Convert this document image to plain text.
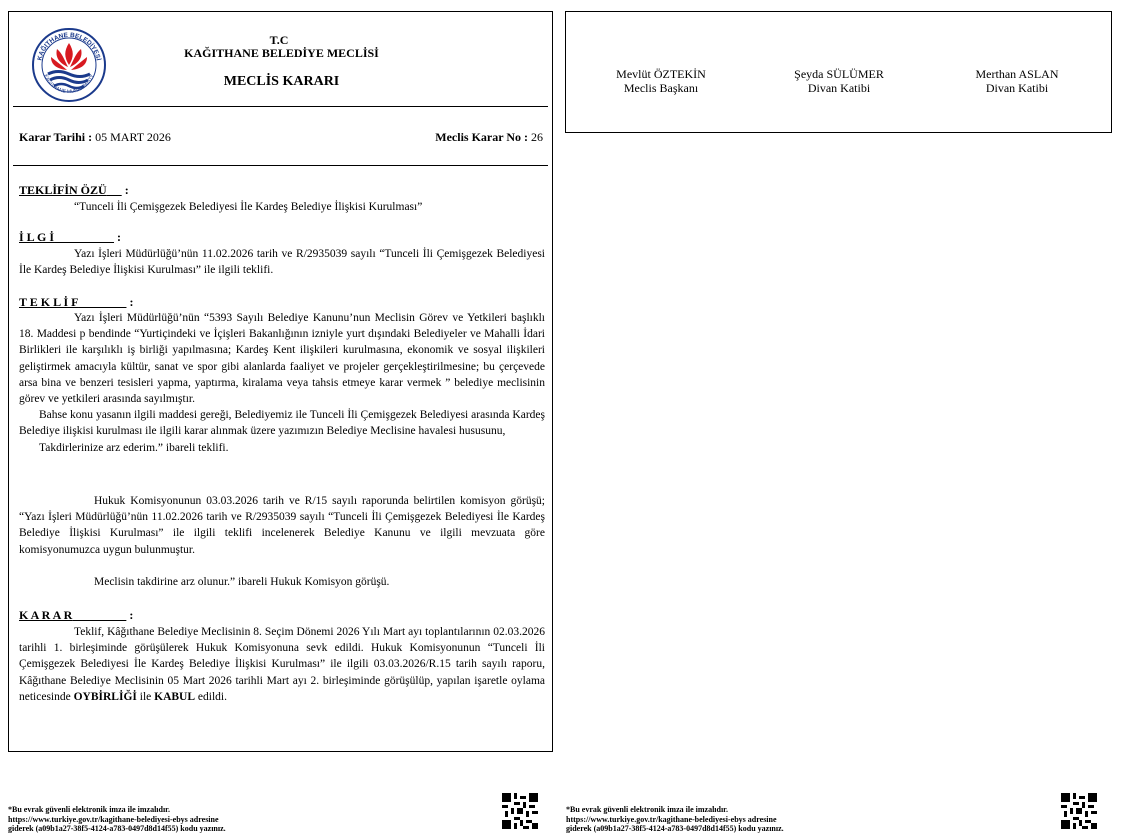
KAĞITHANE BELEDİYESİ
KAĞITHANE MUNICIPALITY
T.C
KAĞITHANE BELEDİYE MECLİSİ
MECLİS KARARI
Karar Tarihi : 05 MART 2026	Meclis Karar No : 26
TEKLİFİN ÖZÜ :
“Tunceli İli Çemişgezek Belediyesi İle Kardeş Belediye İlişkisi Kurulması”
İ L G İ	:

Yazı İşleri Müdürlüğü’nün 11.02.2026 tarih ve R/2935039 sayılı “Tunceli İli Çemişgezek Belediyesi İle Kardeş Belediye İlişkisi Kurulması” ile ilgili teklifi.

T E K L İ F	:

Yazı İşleri Müdürlüğü’nün “5393 Sayılı Belediye Kanunu’nun Meclisin Görev ve Yetkileri başlıklı 18. Maddesi p bendinde “Yurtiçindeki ve İçişleri Bakanlığının izniyle yurt dışındaki Belediyeler ve Mahalli İdari Birlikleri ile karşılıklı iş birliği yapılmasına; Kardeş Kent ilişkileri kurulmasına, ekonomik ve sosyal ilişkileri geliştirmek amacıyla kültür, sanat ve spor gibi alanlarda faaliyet ve projeler gerçekleştirilmesine; bu çerçevede arsa bina ve benzeri tesisleri yapma, yaptırma, kiralama veya tahsis etmeye karar vermek ” belediye meclisinin görev ve yetkileri arasında sayılmıştır.

Bahse konu yasanın ilgili maddesi gereği, Belediyemiz ile Tunceli İli Çemişgezek Belediyesi arasında Kardeş Belediye ilişkisi kurulması ile ilgili karar alınmak üzere yazımızın Belediye Meclisine havalesi hususunu,

Takdirlerinize arz ederim.” ibareli teklifi.

Hukuk Komisyonunun 03.03.2026 tarih ve R/15 sayılı raporunda belirtilen komisyon görüşü; “Yazı İşleri Müdürlüğü’nün 11.02.2026 tarih ve R/2935039 sayılı “Tunceli İli Çemişgezek Belediyesi İle Kardeş Belediye İlişkisi Kurulması” ile ilgili teklifi incelenerek Belediye Kanunu ve ilgili mevzuata göre komisyonumuzca uygun bulunmuştur.

Meclisin takdirine arz olunur.” ibareli Hukuk Komisyon görüşü.

K A R A R	:

Teklif, Kâğıthane Belediye Meclisinin 8. Seçim Dönemi 2026 Yılı Mart ayı toplantılarının 02.03.2026 tarihli 1. birleşiminde görüşülerek Hukuk Komisyonuna sevk edildi. Hukuk Komisyonunun “Tunceli İli Çemişgezek Belediyesi İle Kardeş Belediye İlişkisi Kurulması” ile ilgili 03.03.2026/R.15 tarih sayılı raporu, Kâğıthane Belediye Meclisinin 05 Mart 2026 tarihli Mart ayı 2. birleşiminde görüşülüp, yapılan işaretle oylama neticesinde OYBİRLİĞİ ile KABUL edildi.

Mevlüt ÖZTEKİN
Meclis Başkanı
Şeyda SÜLÜMER
Divan Katibi
Merthan ASLAN
Divan Katibi
*Bu evrak güvenli elektronik imza ile imzalıdır.
https://www.turkiye.gov.tr/kagithane-belediyesi-ebys adresine
giderek (a09b1a27-38f5-4124-a783-0497d8d14f55) kodu yazınız.
*Bu evrak güvenli elektronik imza ile imzalıdır.
https://www.turkiye.gov.tr/kagithane-belediyesi-ebys adresine
giderek (a09b1a27-38f5-4124-a783-0497d8d14f55) kodu yazınız.
